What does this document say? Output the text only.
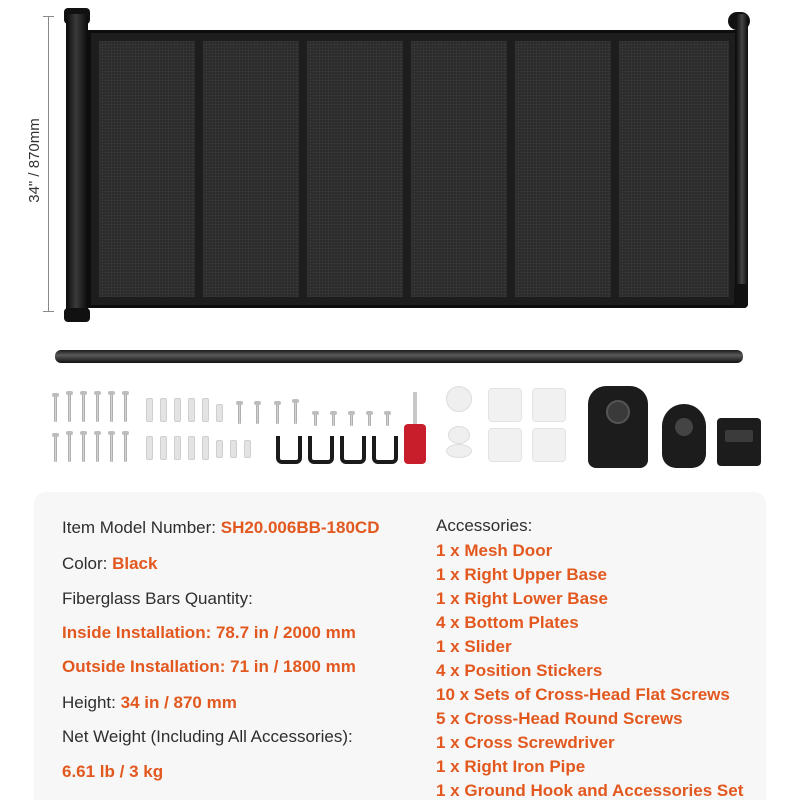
34" / 870mm
Item Model Number: SH20.006BB-180CD
Color: Black
Fiberglass Bars Quantity:
Inside Installation: 78.7 in / 2000 mm
Outside Installation: 71 in / 1800 mm
Height: 34 in / 870 mm
Net Weight (Including All Accessories):
6.61 lb / 3 kg
Accessories:
1 x Mesh Door
1 x Right Upper Base
1 x Right Lower Base
4 x Bottom Plates
1 x Slider
4 x Position Stickers
10 x Sets of Cross-Head Flat Screws
5 x Cross-Head Round Screws
1 x Cross Screwdriver
1 x Right Iron Pipe
1 x Ground Hook and Accessories Set
